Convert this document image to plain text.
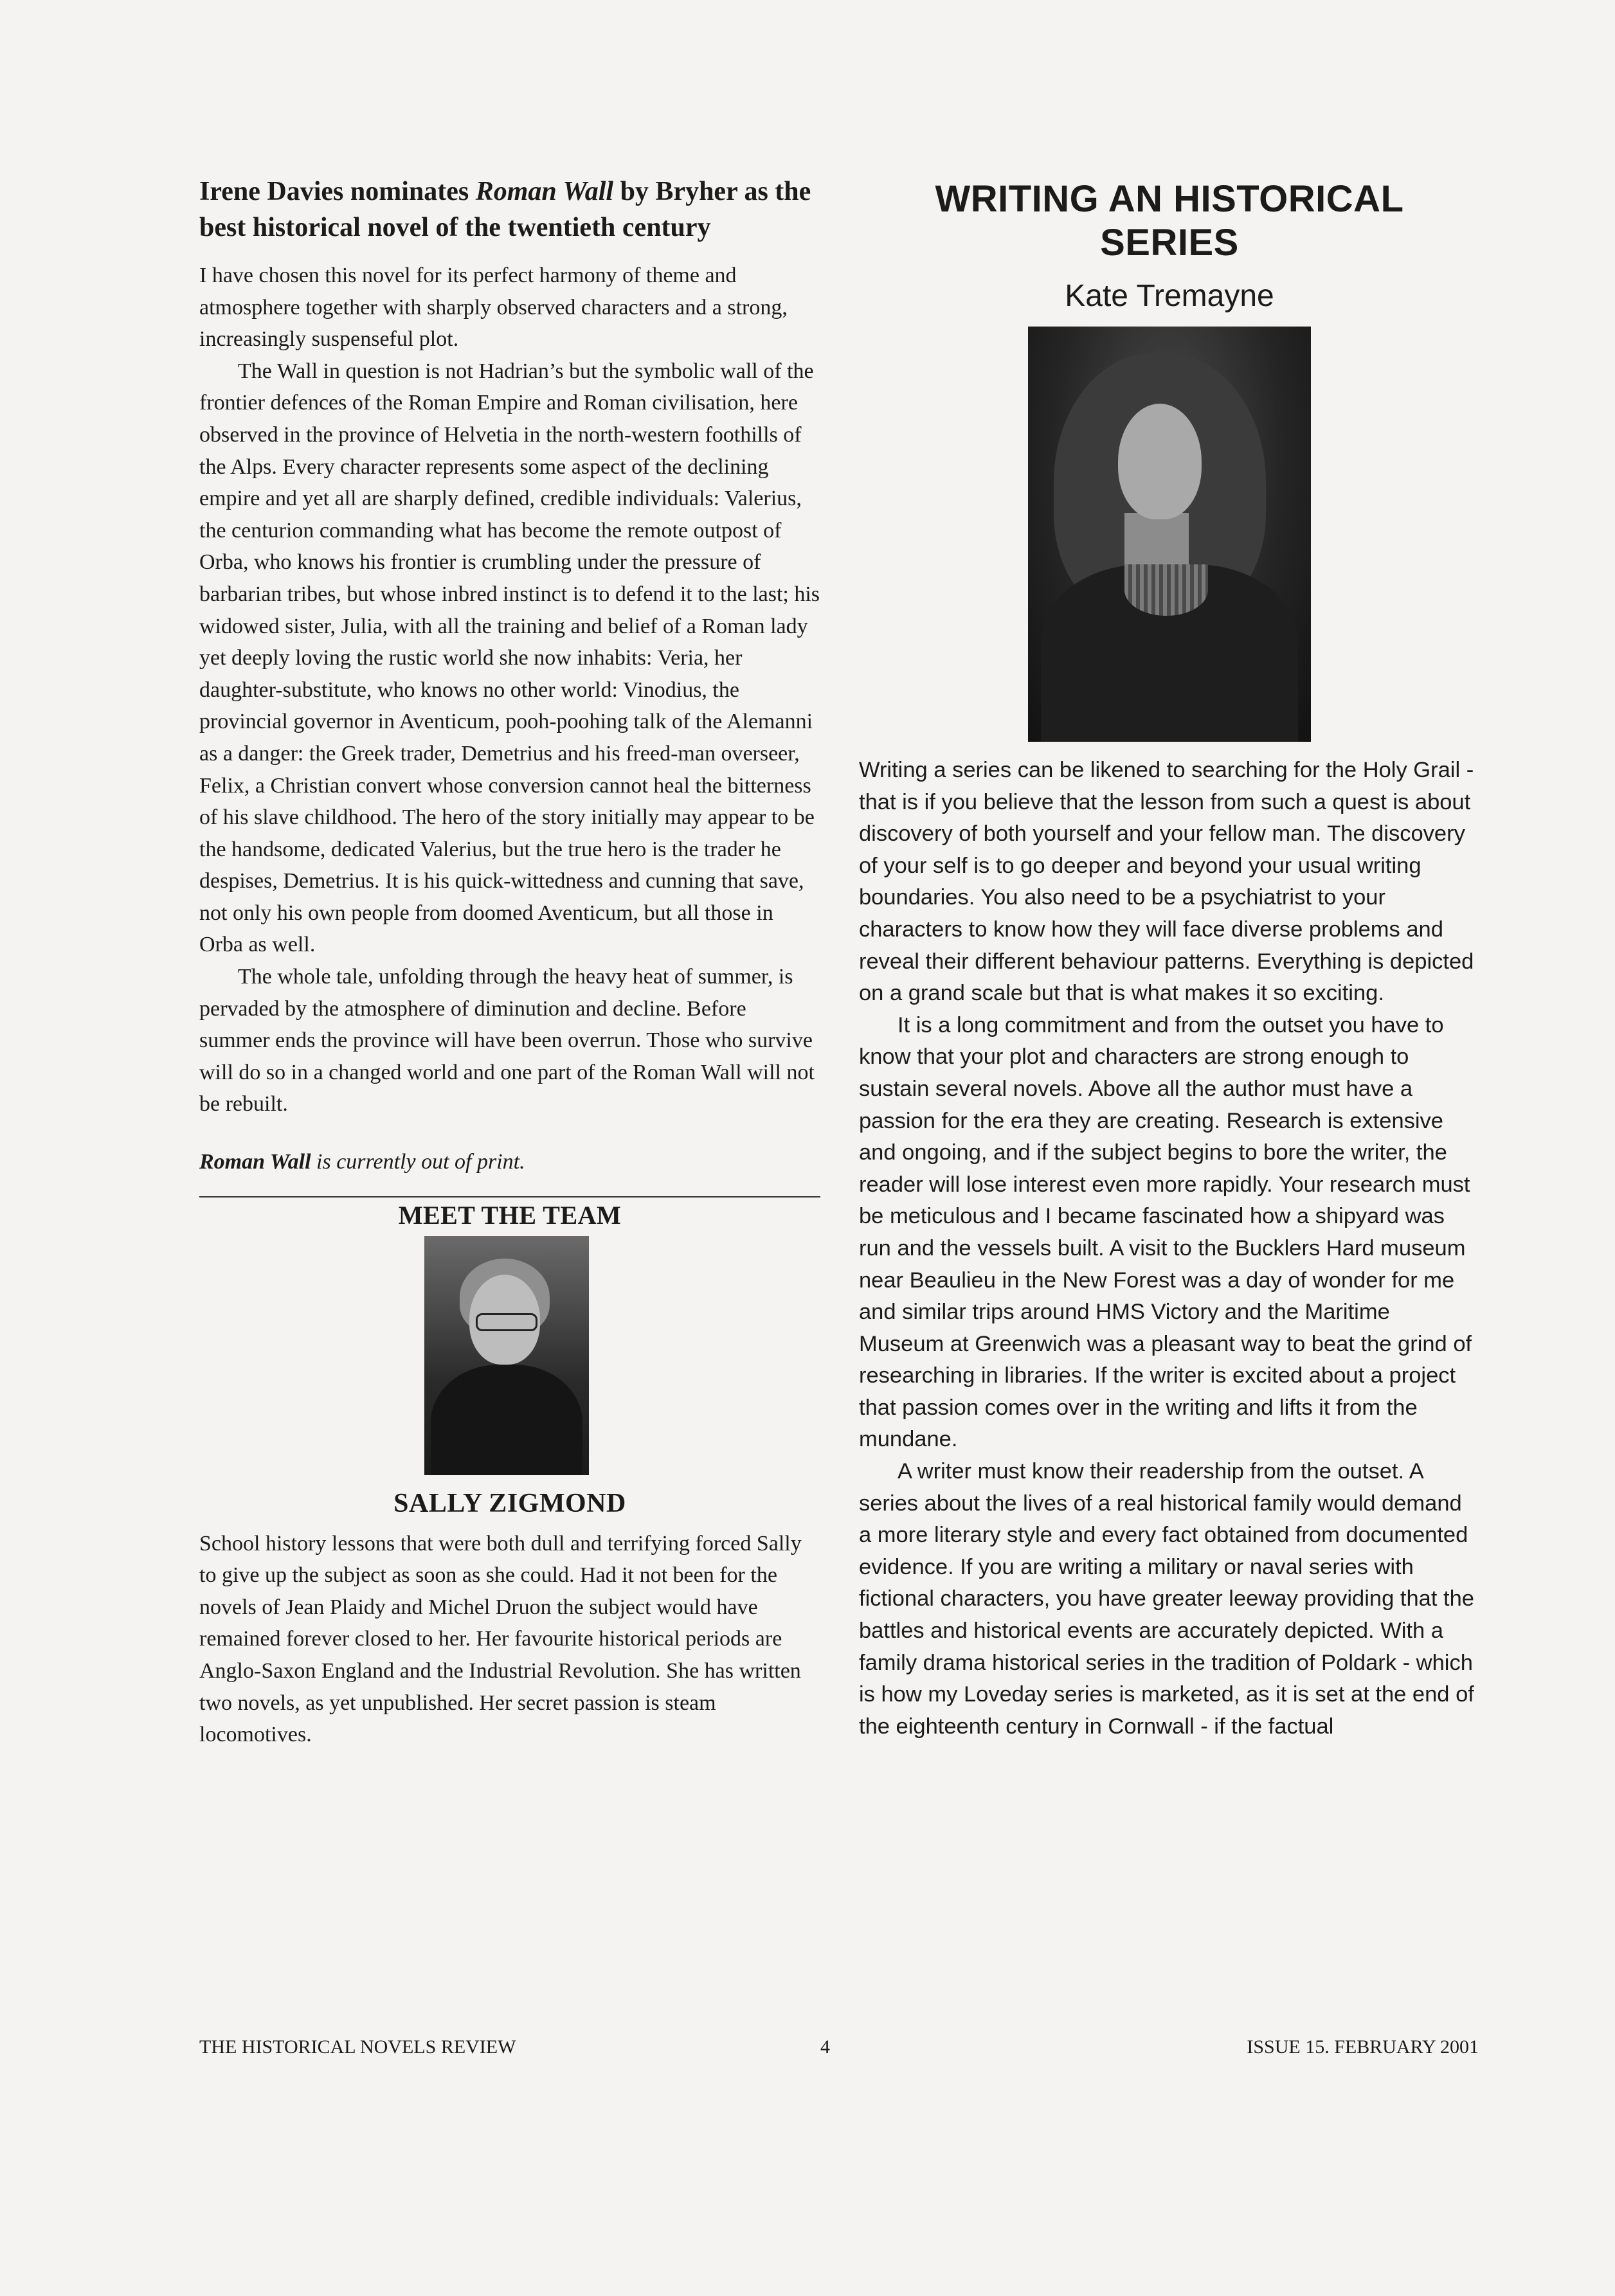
Irene Davies nominates Roman Wall by Bryher as the best historical novel of the twentieth century

I have chosen this novel for its perfect harmony of theme and atmosphere together with sharply observed characters and a strong, increasingly suspenseful plot.

The Wall in question is not Hadrian’s but the symbolic wall of the frontier defences of the Roman Empire and Roman civilisation, here observed in the province of Helvetia in the north-western foothills of the Alps. Every character represents some aspect of the declining empire and yet all are sharply defined, credible individuals: Valerius, the centurion commanding what has become the remote outpost of Orba, who knows his frontier is crumbling under the pressure of barbarian tribes, but whose inbred instinct is to defend it to the last; his widowed sister, Julia, with all the training and belief of a Roman lady yet deeply loving the rustic world she now inhabits: Veria, her daughter-substitute, who knows no other world: Vinodius, the provincial governor in Aventicum, pooh-poohing talk of the Alemanni as a danger: the Greek trader, Demetrius and his freed-man overseer, Felix, a Christian convert whose conversion cannot heal the bitterness of his slave childhood. The hero of the story initially may appear to be the handsome, dedicated Valerius, but the true hero is the trader he despises, Demetrius. It is his quick-wittedness and cunning that save, not only his own people from doomed Aventicum, but all those in Orba as well.

The whole tale, unfolding through the heavy heat of summer, is pervaded by the atmosphere of diminution and decline. Before summer ends the province will have been overrun. Those who survive will do so in a changed world and one part of the Roman Wall will not be rebuilt.

Roman Wall is currently out of print.

MEET THE TEAM
SALLY ZIGMOND

School history lessons that were both dull and terrifying forced Sally to give up the subject as soon as she could. Had it not been for the novels of Jean Plaidy and Michel Druon the subject would have remained forever closed to her. Her favourite historical periods are Anglo-Saxon England and the Industrial Revolution. She has written two novels, as yet unpublished. Her secret passion is steam locomotives.

WRITING AN HISTORICAL
SERIES
Kate Tremayne

Writing a series can be likened to searching for the Holy Grail - that is if you believe that the lesson from such a quest is about discovery of both yourself and your fellow man. The discovery of your self is to go deeper and beyond your usual writing boundaries. You also need to be a psychiatrist to your characters to know how they will face diverse problems and reveal their different behaviour patterns. Everything is depicted on a grand scale but that is what makes it so exciting.

It is a long commitment and from the outset you have to know that your plot and characters are strong enough to sustain several novels. Above all the author must have a passion for the era they are creating. Research is extensive and ongoing, and if the subject begins to bore the writer, the reader will lose interest even more rapidly. Your research must be meticulous and I became fascinated how a shipyard was run and the vessels built. A visit to the Bucklers Hard museum near Beaulieu in the New Forest was a day of wonder for me and similar trips around HMS Victory and the Maritime Museum at Greenwich was a pleasant way to beat the grind of researching in libraries. If the writer is excited about a project that passion comes over in the writing and lifts it from the mundane.

A writer must know their readership from the outset. A series about the lives of a real historical family would demand a more literary style and every fact obtained from documented evidence. If you are writing a military or naval series with fictional characters, you have greater leeway providing that the battles and historical events are accurately depicted. With a family drama historical series in the tradition of Poldark - which is how my Loveday series is marketed, as it is set at the end of the eighteenth century in Cornwall - if the factual

THE HISTORICAL NOVELS REVIEW	4	ISSUE 15. FEBRUARY 2001
